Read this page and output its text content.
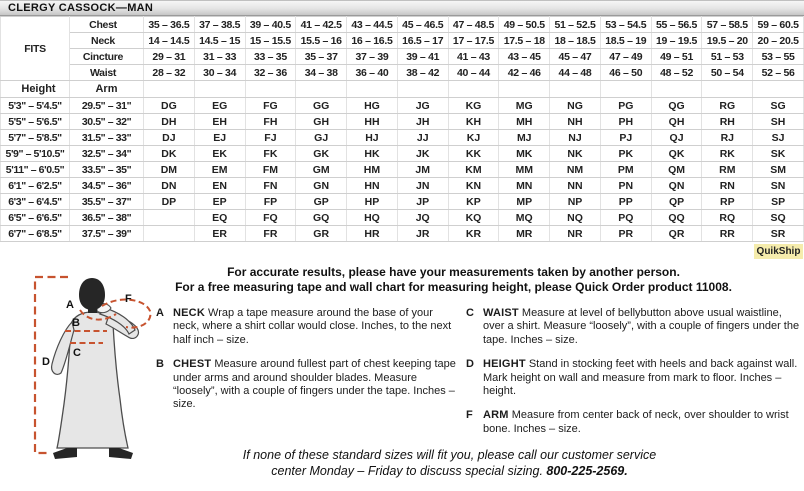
CLERGY CASSOCK—MAN
FITS	Chest	35 – 36.5	37 – 38.5	39 – 40.5	41 – 42.5	43 – 44.5	45 – 46.5	47 – 48.5	49 – 50.5	51 – 52.5	53 – 54.5	55 – 56.5	57 – 58.5	59 – 60.5
	Neck	14 – 14.5	14.5 – 15	15 – 15.5	15.5 – 16	16 – 16.5	16.5 – 17	17 – 17.5	17.5 – 18	18 – 18.5	18.5 – 19	19 – 19.5	19.5 – 20	20 – 20.5
	Cincture	29 – 31	31 – 33	33 – 35	35 – 37	37 – 39	39 – 41	41 – 43	43 – 45	45 – 47	47 – 49	49 – 51	51 – 53	53 – 55
	Waist	28 – 32	30 – 34	32 – 36	34 – 38	36 – 40	38 – 42	40 – 44	42 – 46	44 – 48	46 – 50	48 – 52	50 – 54	52 – 56
Height	Arm													
5'3" – 5'4.5"	29.5" – 31"	DG	EG	FG	GG	HG	JG	KG	MG	NG	PG	QG	RG	SG
5'5" – 5'6.5"	30.5" – 32"	DH	EH	FH	GH	HH	JH	KH	MH	NH	PH	QH	RH	SH
5'7" – 5'8.5"	31.5" – 33"	DJ	EJ	FJ	GJ	HJ	JJ	KJ	MJ	NJ	PJ	QJ	RJ	SJ
5'9" – 5'10.5"	32.5" – 34"	DK	EK	FK	GK	HK	JK	KK	MK	NK	PK	QK	RK	SK
5'11" – 6'0.5"	33.5" – 35"	DM	EM	FM	GM	HM	JM	KM	MM	NM	PM	QM	RM	SM
6'1" – 6'2.5"	34.5" – 36"	DN	EN	FN	GN	HN	JN	KN	MN	NN	PN	QN	RN	SN
6'3" – 6'4.5"	35.5" – 37"	DP	EP	FP	GP	HP	JP	KP	MP	NP	PP	QP	RP	SP
6'5" – 6'6.5"	36.5" – 38"		EQ	FQ	GQ	HQ	JQ	KQ	MQ	NQ	PQ	QQ	RQ	SQ
6'7" – 6'8.5"	37.5" – 39"		ER	FR	GR	HR	JR	KR	MR	NR	PR	QR	RR	SR
QuikShip
A
B
C
D
F
For accurate results, please have your measurements taken by another person.
For a free measuring tape and wall chart for measuring height, please Quick Order product 11008.
A NECK Wrap a tape measure around the base of your neck, where a shirt collar would close. Inches, to the next half inch – size.

B CHEST Measure around fullest part of chest keeping tape under arms and around shoulder blades. Measure “loosely”, with a couple of fingers under the tape. Inches – size.

C WAIST Measure at level of bellybutton above usual waistline, over a shirt. Measure “loosely”, with a couple of fingers under the tape. Inches – size.

D HEIGHT Stand in stocking feet with heels and back against wall. Mark height on wall and measure from mark to floor. Inches – height.

F ARM Measure from center back of neck, over shoulder to wrist bone. Inches – size.

If none of these standard sizes will fit you, please call our customer service
center Monday – Friday to discuss special sizing. 800-225-2569.
